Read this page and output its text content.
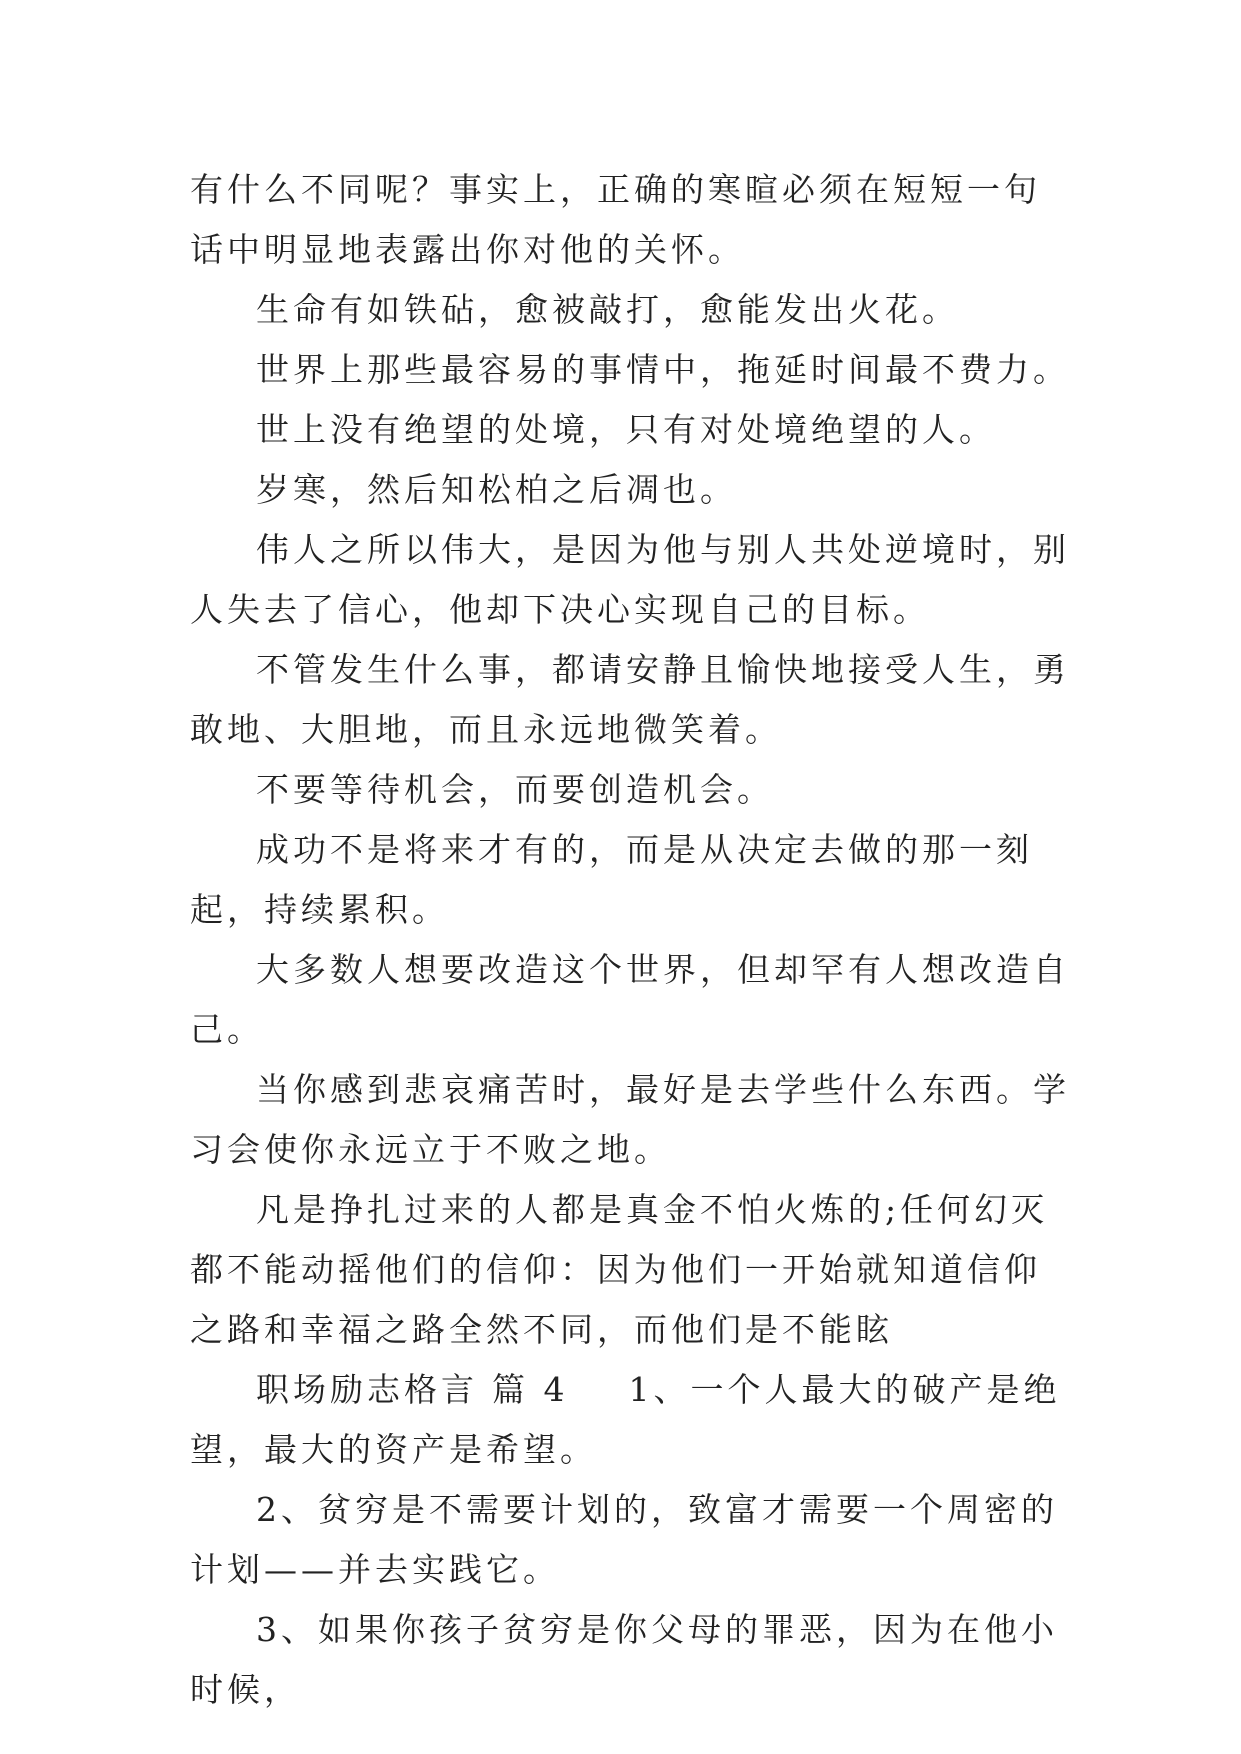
有什么不同呢？事实上，正确的寒暄必须在短短一句话中明显地表露出你对他的关怀。

生命有如铁砧，愈被敲打，愈能发出火花。

世界上那些最容易的事情中，拖延时间最不费力。

世上没有绝望的处境，只有对处境绝望的人。

岁寒，然后知松柏之后凋也。

伟人之所以伟大，是因为他与别人共处逆境时，别人失去了信心，他却下决心实现自己的目标。

不管发生什么事，都请安静且愉快地接受人生，勇敢地、大胆地，而且永远地微笑着。

不要等待机会，而要创造机会。

成功不是将来才有的，而是从决定去做的那一刻起，持续累积。

大多数人想要改造这个世界，但却罕有人想改造自己。

当你感到悲哀痛苦时，最好是去学些什么东西。学习会使你永远立于不败之地。

凡是挣扎过来的人都是真金不怕火炼的;任何幻灭都不能动摇他们的信仰：因为他们一开始就知道信仰之路和幸福之路全然不同，而他们是不能眩

职场励志格言 篇 4 1、一个人最大的破产是绝望，最大的资产是希望。

2、贫穷是不需要计划的，致富才需要一个周密的计划——并去实践它。

3、如果你孩子贫穷是你父母的罪恶，因为在他小时候，
